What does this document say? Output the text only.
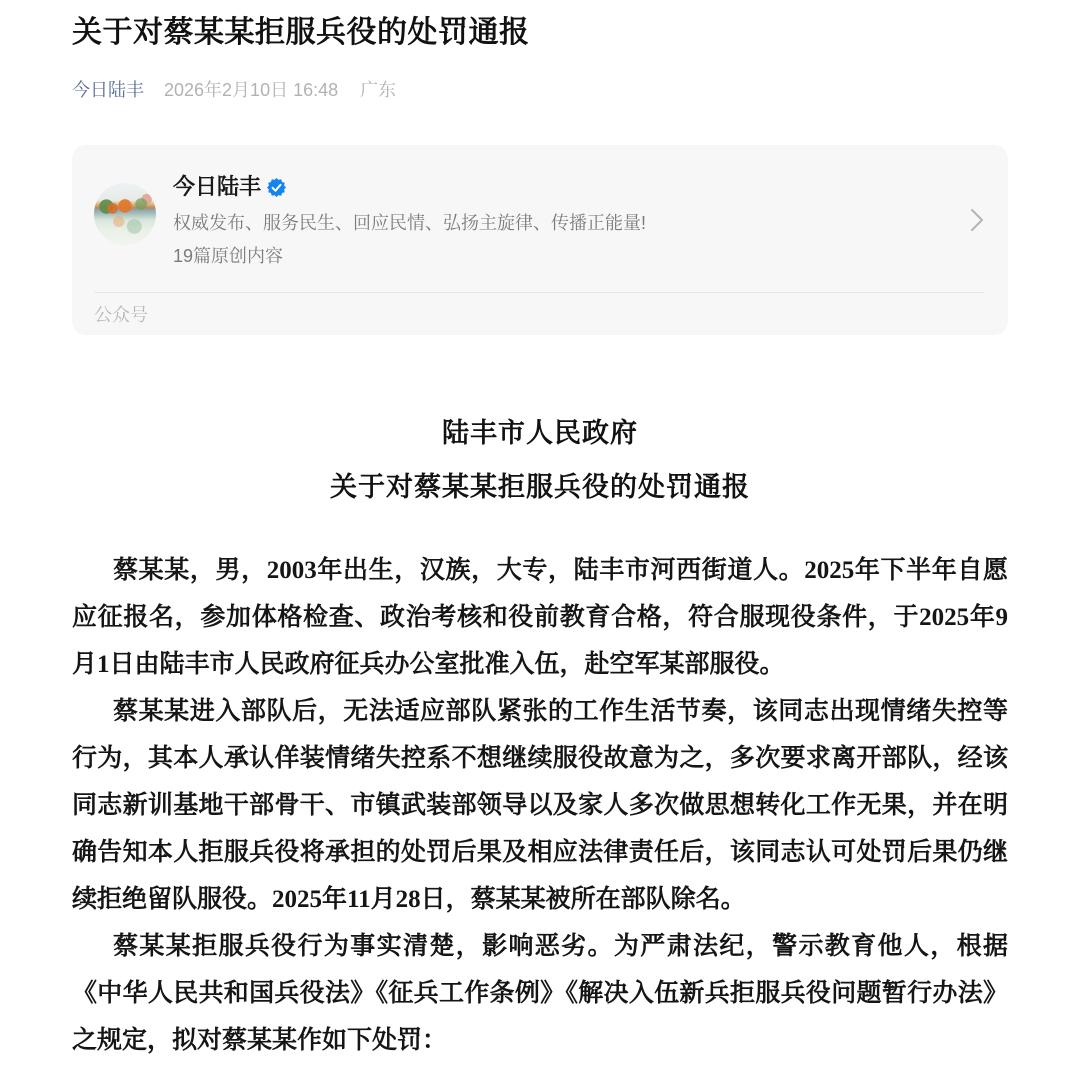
关于对蔡某某拒服兵役的处罚通报
今日陆丰 2026年2月10日 16:48 广东
今日陆丰
权威发布、服务民生、回应民情、弘扬主旋律、传播正能量!
19篇原创内容
公众号
陆丰市人民政府
关于对蔡某某拒服兵役的处罚通报

蔡某某，男，2003年出生，汉族，大专，陆丰市河西街道人。2025年下半年自愿应征报名，参加体格检查、政治考核和役前教育合格，符合服现役条件，于2025年9月1日由陆丰市人民政府征兵办公室批准入伍，赴空军某部服役。

蔡某某进入部队后，无法适应部队紧张的工作生活节奏，该同志出现情绪失控等行为，其本人承认佯装情绪失控系不想继续服役故意为之，多次要求离开部队，经该同志新训基地干部骨干、市镇武装部领导以及家人多次做思想转化工作无果，并在明确告知本人拒服兵役将承担的处罚后果及相应法律责任后，该同志认可处罚后果仍继续拒绝留队服役。2025年11月28日，蔡某某被所在部队除名。

蔡某某拒服兵役行为事实清楚，影响恶劣。为严肃法纪，警示教育他人，根据《中华人民共和国兵役法》《征兵工作条例》《解决入伍新兵拒服兵役问题暂行办法》之规定，拟对蔡某某作如下处罚：
